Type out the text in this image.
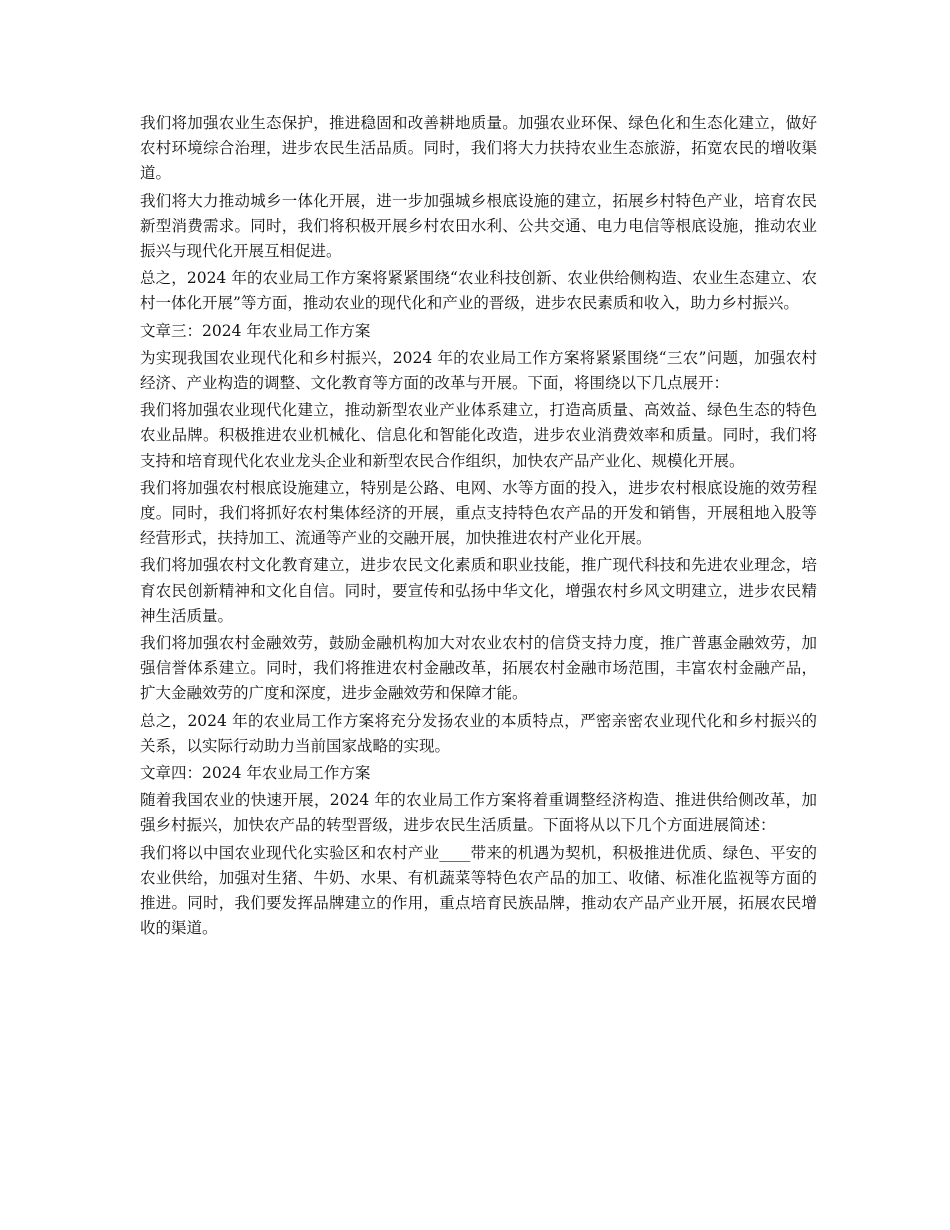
我们将加强农业生态保护，推进稳固和改善耕地质量。加强农业环保、绿色化和生态化建立，做好农村环境综合治理，进步农民生活品质。同时，我们将大力扶持农业生态旅游，拓宽农民的增收渠道。

我们将大力推动城乡一体化开展，进一步加强城乡根底设施的建立，拓展乡村特色产业，培育农民新型消费需求。同时，我们将积极开展乡村农田水利、公共交通、电力电信等根底设施，推动农业振兴与现代化开展互相促进。

总之，2024 年的农业局工作方案将紧紧围绕“农业科技创新、农业供给侧构造、农业生态建立、农村一体化开展”等方面，推动农业的现代化和产业的晋级，进步农民素质和收入，助力乡村振兴。

文章三：2024 年农业局工作方案

为实现我国农业现代化和乡村振兴，2024 年的农业局工作方案将紧紧围绕“三农”问题，加强农村经济、产业构造的调整、文化教育等方面的改革与开展。下面，将围绕以下几点展开：

我们将加强农业现代化建立，推动新型农业产业体系建立，打造高质量、高效益、绿色生态的特色农业品牌。积极推进农业机械化、信息化和智能化改造，进步农业消费效率和质量。同时，我们将支持和培育现代化农业龙头企业和新型农民合作组织，加快农产品产业化、规模化开展。

我们将加强农村根底设施建立，特别是公路、电网、水等方面的投入，进步农村根底设施的效劳程度。同时，我们将抓好农村集体经济的开展，重点支持特色农产品的开发和销售，开展租地入股等经营形式，扶持加工、流通等产业的交融开展，加快推进农村产业化开展。

我们将加强农村文化教育建立，进步农民文化素质和职业技能，推广现代科技和先进农业理念，培育农民创新精神和文化自信。同时，要宣传和弘扬中华文化，增强农村乡风文明建立，进步农民精神生活质量。

我们将加强农村金融效劳，鼓励金融机构加大对农业农村的信贷支持力度，推广普惠金融效劳，加强信誉体系建立。同时，我们将推进农村金融改革，拓展农村金融市场范围，丰富农村金融产品，扩大金融效劳的广度和深度，进步金融效劳和保障才能。

总之，2024 年的农业局工作方案将充分发扬农业的本质特点，严密亲密农业现代化和乡村振兴的关系，以实际行动助力当前国家战略的实现。

文章四：2024 年农业局工作方案

随着我国农业的快速开展，2024 年的农业局工作方案将着重调整经济构造、推进供给侧改革，加强乡村振兴，加快农产品的转型晋级，进步农民生活质量。下面将从以下几个方面进展简述：

我们将以中国农业现代化实验区和农村产业____带来的机遇为契机，积极推进优质、绿色、平安的农业供给，加强对生猪、牛奶、水果、有机蔬菜等特色农产品的加工、收储、标准化监视等方面的推进。同时，我们要发挥品牌建立的作用，重点培育民族品牌，推动农产品产业开展，拓展农民增收的渠道。
